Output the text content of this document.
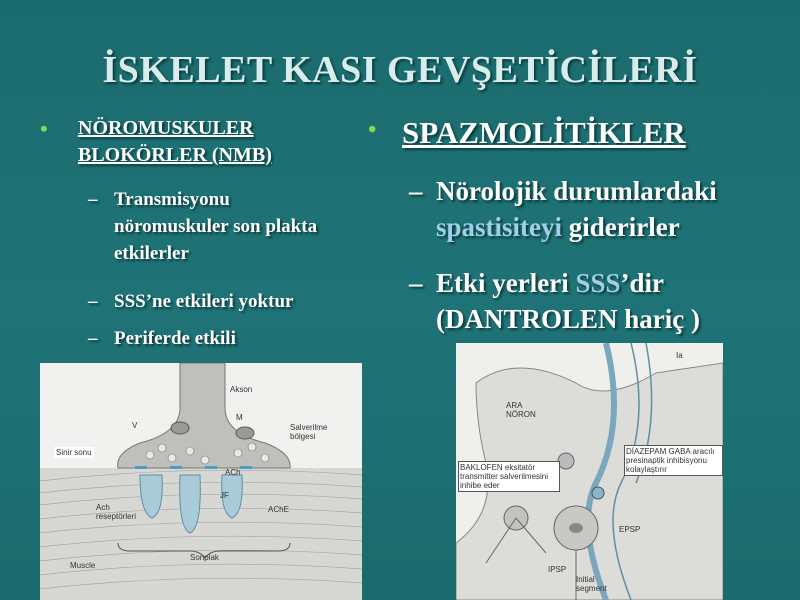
İSKELET KASI GEVŞETİCİLERİ
• NÖROMUSKULER BLOKÖRLER (NMB)
– Transmisyonu nöromuskuler son plakta etkilerler
– SSS’ne etkileri yoktur
– Periferde etkili
• SPAZMOLİTİKLER
– Nörolojik durumlardaki
spastisiteyi giderirler
– Etki yerleri SSS’dir
(DANTROLEN hariç )
Akson
Salverilme bölgesi
V
M
Sinir sonu
ACh
JF
Ach reseptörleri
AChE
Sonplak
Muscle
Ia
ARA NÖRON
DİAZEPAM GABA aracılı presinaptik inhibisyonu kolaylaştırır
BAKLOFEN eksitatör transmitter salverilmesini inhibe eder
EPSP
IPSP
Initial segment
